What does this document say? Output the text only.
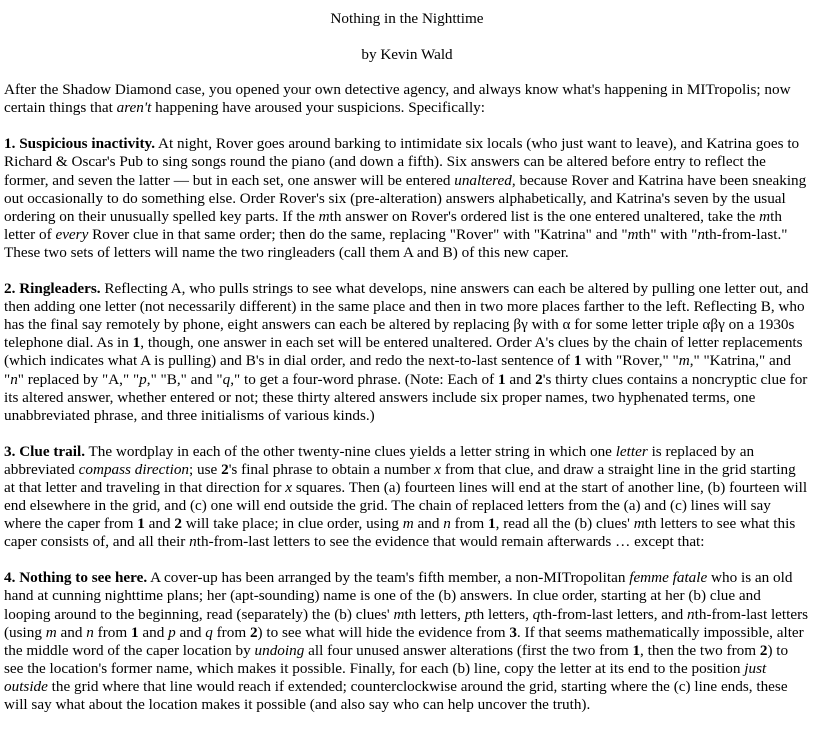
Nothing in the Nighttime
by Kevin Wald

After the Shadow Diamond case, you opened your own detective agency, and always know what's happening in MITropolis; now certain things that aren't happening have aroused your suspicions. Specifically:

1. Suspicious inactivity. At night, Rover goes around barking to intimidate six locals (who just want to leave), and Katrina goes to Richard & Oscar's Pub to sing songs round the piano (and down a fifth). Six answers can be altered before entry to reflect the former, and seven the latter — but in each set, one answer will be entered unaltered, because Rover and Katrina have been sneaking out occasionally to do something else. Order Rover's six (pre-alteration) answers alphabetically, and Katrina's seven by the usual ordering on their unusually spelled key parts. If the mth answer on Rover's ordered list is the one entered unaltered, take the mth letter of every Rover clue in that same order; then do the same, replacing "Rover" with "Katrina" and "mth" with "nth-from-last." These two sets of letters will name the two ringleaders (call them A and B) of this new caper.

2. Ringleaders. Reflecting A, who pulls strings to see what develops, nine answers can each be altered by pulling one letter out, and then adding one letter (not necessarily different) in the same place and then in two more places farther to the left. Reflecting B, who has the final say remotely by phone, eight answers can each be altered by replacing βγ with α for some letter triple αβγ on a 1930s telephone dial. As in 1, though, one answer in each set will be entered unaltered. Order A's clues by the chain of letter replacements (which indicates what A is pulling) and B's in dial order, and redo the next-to-last sentence of 1 with "Rover," "m," "Katrina," and "n" replaced by "A," "p," "B," and "q," to get a four-word phrase. (Note: Each of 1 and 2's thirty clues contains a noncryptic clue for its altered answer, whether entered or not; these thirty altered answers include six proper names, two hyphenated terms, one unabbreviated phrase, and three initialisms of various kinds.)

3. Clue trail. The wordplay in each of the other twenty-nine clues yields a letter string in which one letter is replaced by an abbreviated compass direction; use 2's final phrase to obtain a number x from that clue, and draw a straight line in the grid starting at that letter and traveling in that direction for x squares. Then (a) fourteen lines will end at the start of another line, (b) fourteen will end elsewhere in the grid, and (c) one will end outside the grid. The chain of replaced letters from the (a) and (c) lines will say where the caper from 1 and 2 will take place; in clue order, using m and n from 1, read all the (b) clues' mth letters to see what this caper consists of, and all their nth-from-last letters to see the evidence that would remain afterwards … except that:

4. Nothing to see here. A cover-up has been arranged by the team's fifth member, a non-MITropolitan femme fatale who is an old hand at cunning nighttime plans; her (apt-sounding) name is one of the (b) answers. In clue order, starting at her (b) clue and looping around to the beginning, read (separately) the (b) clues' mth letters, pth letters, qth-from-last letters, and nth-from-last letters (using m and n from 1 and p and q from 2) to see what will hide the evidence from 3. If that seems mathematically impossible, alter the middle word of the caper location by undoing all four unused answer alterations (first the two from 1, then the two from 2) to see the location's former name, which makes it possible. Finally, for each (b) line, copy the letter at its end to the position just outside the grid where that line would reach if extended; counterclockwise around the grid, starting where the (c) line ends, these will say what about the location makes it possible (and also say who can help uncover the truth).
